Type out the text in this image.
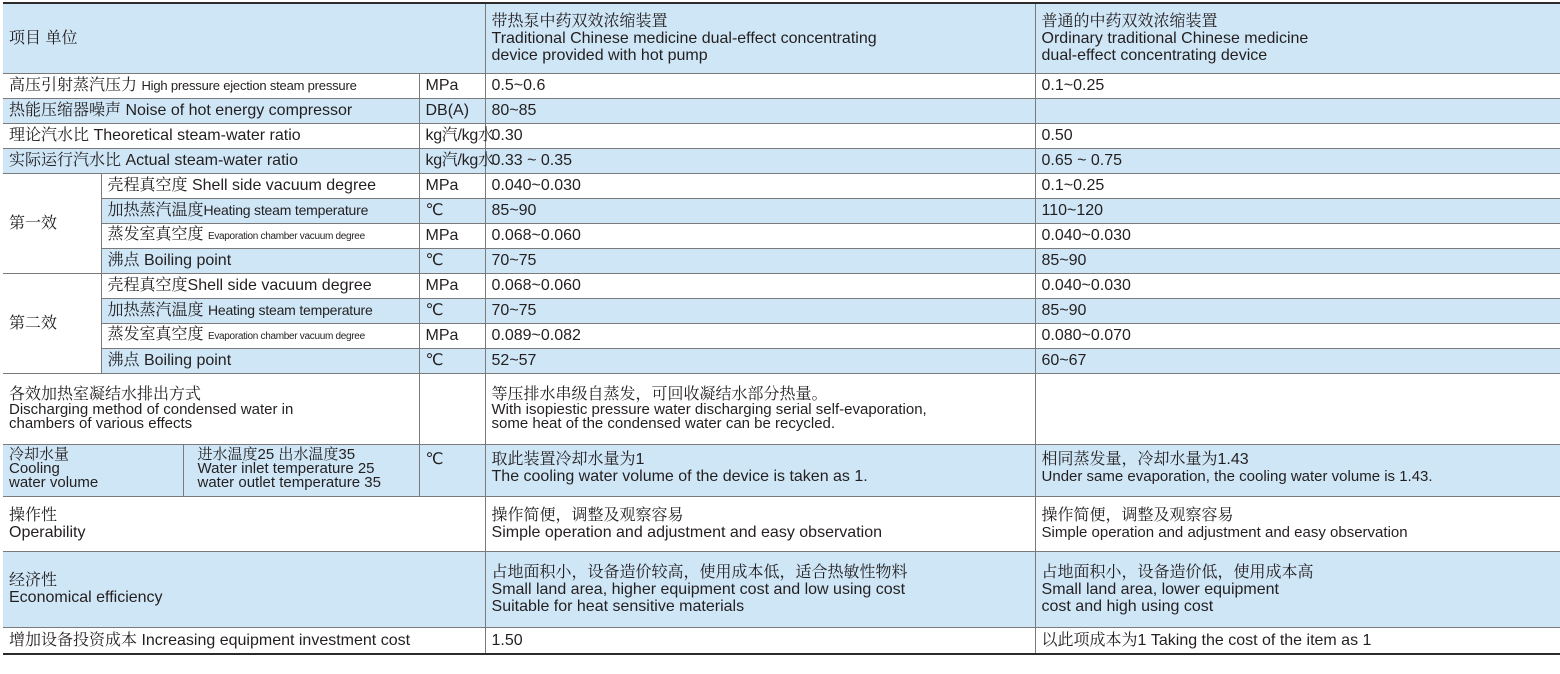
项目 单位				带热泵中药双效浓缩装置
Traditional Chinese medicine dual-effect concentrating
device provided with hot pump	普通的中药双效浓缩装置
Ordinary traditional Chinese medicine
dual-effect concentrating device

高压引射蒸汽压力 High pressure ejection steam pressure			MPa	0.5~0.6	0.1~0.25
热能压缩器噪声 Noise of hot energy compressor			DB(A)	80~85	
理论汽水比 Theoretical steam-water ratio			kg汽/kg水	0.30	0.50
实际运行汽水比 Actual steam-water ratio			kg汽/kg水	0.33 ~ 0.35	0.65 ~ 0.75
第一效	壳程真空度 Shell side vacuum degree		MPa	0.040~0.030	0.1~0.25
	加热蒸汽温度Heating steam temperature		℃	85~90	110~120
	蒸发室真空度 Evaporation chamber vacuum degree		MPa	0.068~0.060	0.040~0.030
	沸点 Boiling point		℃	70~75	85~90
第二效	壳程真空度Shell side vacuum degree		MPa	0.068~0.060	0.040~0.030
	加热蒸汽温度 Heating steam temperature		℃	70~75	85~90
	蒸发室真空度 Evaporation chamber vacuum degree		MPa	0.089~0.082	0.080~0.070
	沸点 Boiling point		℃	52~57	60~67

各效加热室凝结水排出方式
Discharging method of condensed water in
chambers of various effects				等压排水串级自蒸发，可回收凝结水部分热量。
With isopiestic pressure water discharging serial self-evaporation,
some heat of the condensed water can be recycled.	

冷却水量
Cooling
water volume		进水温度25 出水温度35
Water inlet temperature 25
water outlet temperature 35	℃	取此装置冷却水量为1
The cooling water volume of the device is taken as 1.	相同蒸发量，冷却水量为1.43
Under same evaporation, the cooling water volume is 1.43.

操作性
Operability				操作简便，调整及观察容易
Simple operation and adjustment and easy observation	操作简便，调整及观察容易
Simple operation and adjustment and easy observation

经济性
Economical efficiency				占地面积小，设备造价较高，使用成本低，适合热敏性物料
Small land area, higher equipment cost and low using cost
Suitable for heat sensitive materials	占地面积小，设备造价低，使用成本高
Small land area, lower equipment
cost and high using cost

增加设备投资成本 Increasing equipment investment cost				1.50	以此项成本为1 Taking the cost of the item as 1
